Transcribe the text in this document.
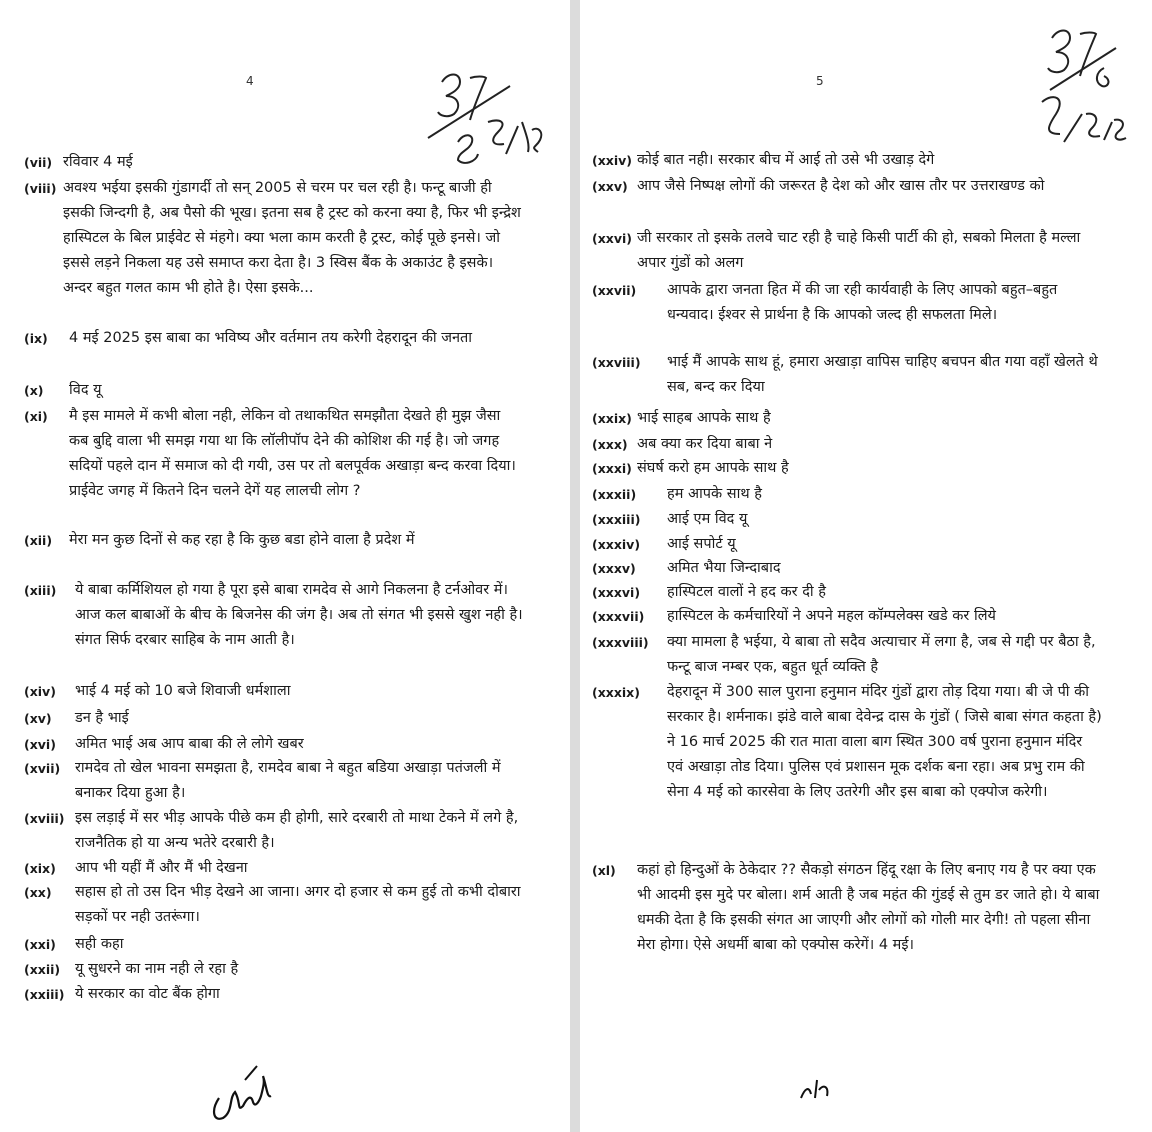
4
(vii) रविवार 4 मई

(viii) अवश्य भईया इसकी गुंडागर्दी तो सन् 2005 से चरम पर चल रही है। फन्टू बाजी ही इसकी जिन्दगी है, अब पैसो की भूख। इतना सब है ट्रस्ट को करना क्या है, फिर भी इन्द्रेश हास्पिटल के बिल प्राईवेट से मंहगे। क्या भला काम करती है ट्रस्ट, कोई पूछे इनसे। जो इससे लड़ने निकला यह उसे समाप्त करा देता है। 3 स्विस बैंक के अकाउंट है इसके। अन्दर बहुत गलत काम भी होते है। ऐसा इसके...

(ix)	4 मई 2025 इस बाबा का भविष्य और वर्तमान तय करेगी देहरादून की जनता

(x)	विद यू

(xi)	मै इस मामले में कभी बोला नही, लेकिन वो तथाकथित समझौता देखते ही मुझ जैसा कब बुद्दि वाला भी समझ गया था कि लॉलीपॉप देने की कोशिश की गई है। जो जगह सदियों पहले दान में समाज को दी गयी, उस पर तो बलपूर्वक अखाड़ा बन्द करवा दिया। प्राईवेट जगह में कितने दिन चलने देगें यह लालची लोग ?

(xii)	मेरा मन कुछ दिनों से कह रहा है कि कुछ बडा होने वाला है प्रदेश में

(xiii)	ये बाबा कर्मिशियल हो गया है पूरा इसे बाबा रामदेव से आगे निकलना है टर्नओवर में। आज कल बाबाओं के बीच के बिजनेस की जंग है। अब तो संगत भी इससे खुश नही है। संगत सिर्फ दरबार साहिब के नाम आती है।

(xiv)	भाई 4 मई को 10 बजे शिवाजी धर्मशाला

(xv)	डन है भाई

(xvi)	अमित भाई अब आप बाबा की ले लोगे खबर

(xvii)	रामदेव तो खेल भावना समझता है, रामदेव बाबा ने बहुत बडिया अखाड़ा पतंजली में बनाकर दिया हुआ है।

(xviii) इस लड़ाई में सर भीड़ आपके पीछे कम ही होगी, सारे दरबारी तो माथा टेकने में लगे है, राजनैतिक हो या अन्य भतेरे दरबारी है।

(xix)	आप भी यहीं मैं और मैं भी देखना

(xx)	सहास हो तो उस दिन भीड़ देखने आ जाना। अगर दो हजार से कम हुई तो कभी दोबारा सड़कों पर नही उतरूंगा।

(xxi)	सही कहा

(xxii)	यू सुधरने का नाम नही ले रहा है

(xxiii) ये सरकार का वोट बैंक होगा

5
(xxiv) कोई बात नही। सरकार बीच में आई तो उसे भी उखाड़ देगे

(xxv) आप जैसे निष्पक्ष लोगों की जरूरत है देश को और खास तौर पर उत्तराखण्ड को

(xxvi) जी सरकार तो इसके तलवे चाट रही है चाहे किसी पार्टी की हो, सबको मिलता है मल्ला अपार गुंडों को अलग

(xxvii)	आपके द्वारा जनता हित में की जा रही कार्यवाही के लिए आपको बहुत–बहुत धन्यवाद। ईश्वर से प्रार्थना है कि आपको जल्द ही सफलता मिले।

(xxviii)	भाई मैं आपके साथ हूं, हमारा अखाड़ा वापिस चाहिए बचपन बीत गया वहाँ खेलते थे सब, बन्द कर दिया

(xxix) भाई साहब आपके साथ है

(xxx) अब क्या कर दिया बाबा ने

(xxxi) संघर्ष करो हम आपके साथ है

(xxxii)	हम आपके साथ है

(xxxiii)	आई एम विद यू

(xxxiv)	आई सपोर्ट यू

(xxxv)	अमित भैया जिन्दाबाद

(xxxvi)	हास्पिटल वालों ने हद कर दी है

(xxxvii)	हास्पिटल के कर्मचारियों ने अपने महल कॉम्पलेक्स खडे कर लिये

(xxxviii)	क्या मामला है भईया, ये बाबा तो सदैव अत्याचार में लगा है, जब से गद्दी पर बैठा है, फन्टू बाज नम्बर एक, बहुत धूर्त व्यक्ति है

(xxxix)	देहरादून में 300 साल पुराना हनुमान मंदिर गुंडों द्वारा तोड़ दिया गया। बी जे पी की सरकार है। शर्मनाक। झंडे वाले बाबा देवेन्द्र दास के गुंडों ( जिसे बाबा संगत कहता है) ने 16 मार्च 2025 की रात माता वाला बाग स्थित 300 वर्ष पुराना हनुमान मंदिर एवं अखाड़ा तोड दिया। पुलिस एवं प्रशासन मूक दर्शक बना रहा। अब प्रभु राम की सेना 4 मई को कारसेवा के लिए उतरेगी और इस बाबा को एक्पोज करेगी।

(xl)	कहां हो हिन्दुओं के ठेकेदार ?? सैकड़ो संगठन हिंदू रक्षा के लिए बनाए गय है पर क्या एक भी आदमी इस मुदे पर बोला। शर्म आती है जब महंत की गुंडई से तुम डर जाते हो। ये बाबा धमकी देता है कि इसकी संगत आ जाएगी और लोगों को गोली मार देगी! तो पहला सीना मेरा होगा। ऐसे अधर्मी बाबा को एक्पोस करेगें। 4 मई।
